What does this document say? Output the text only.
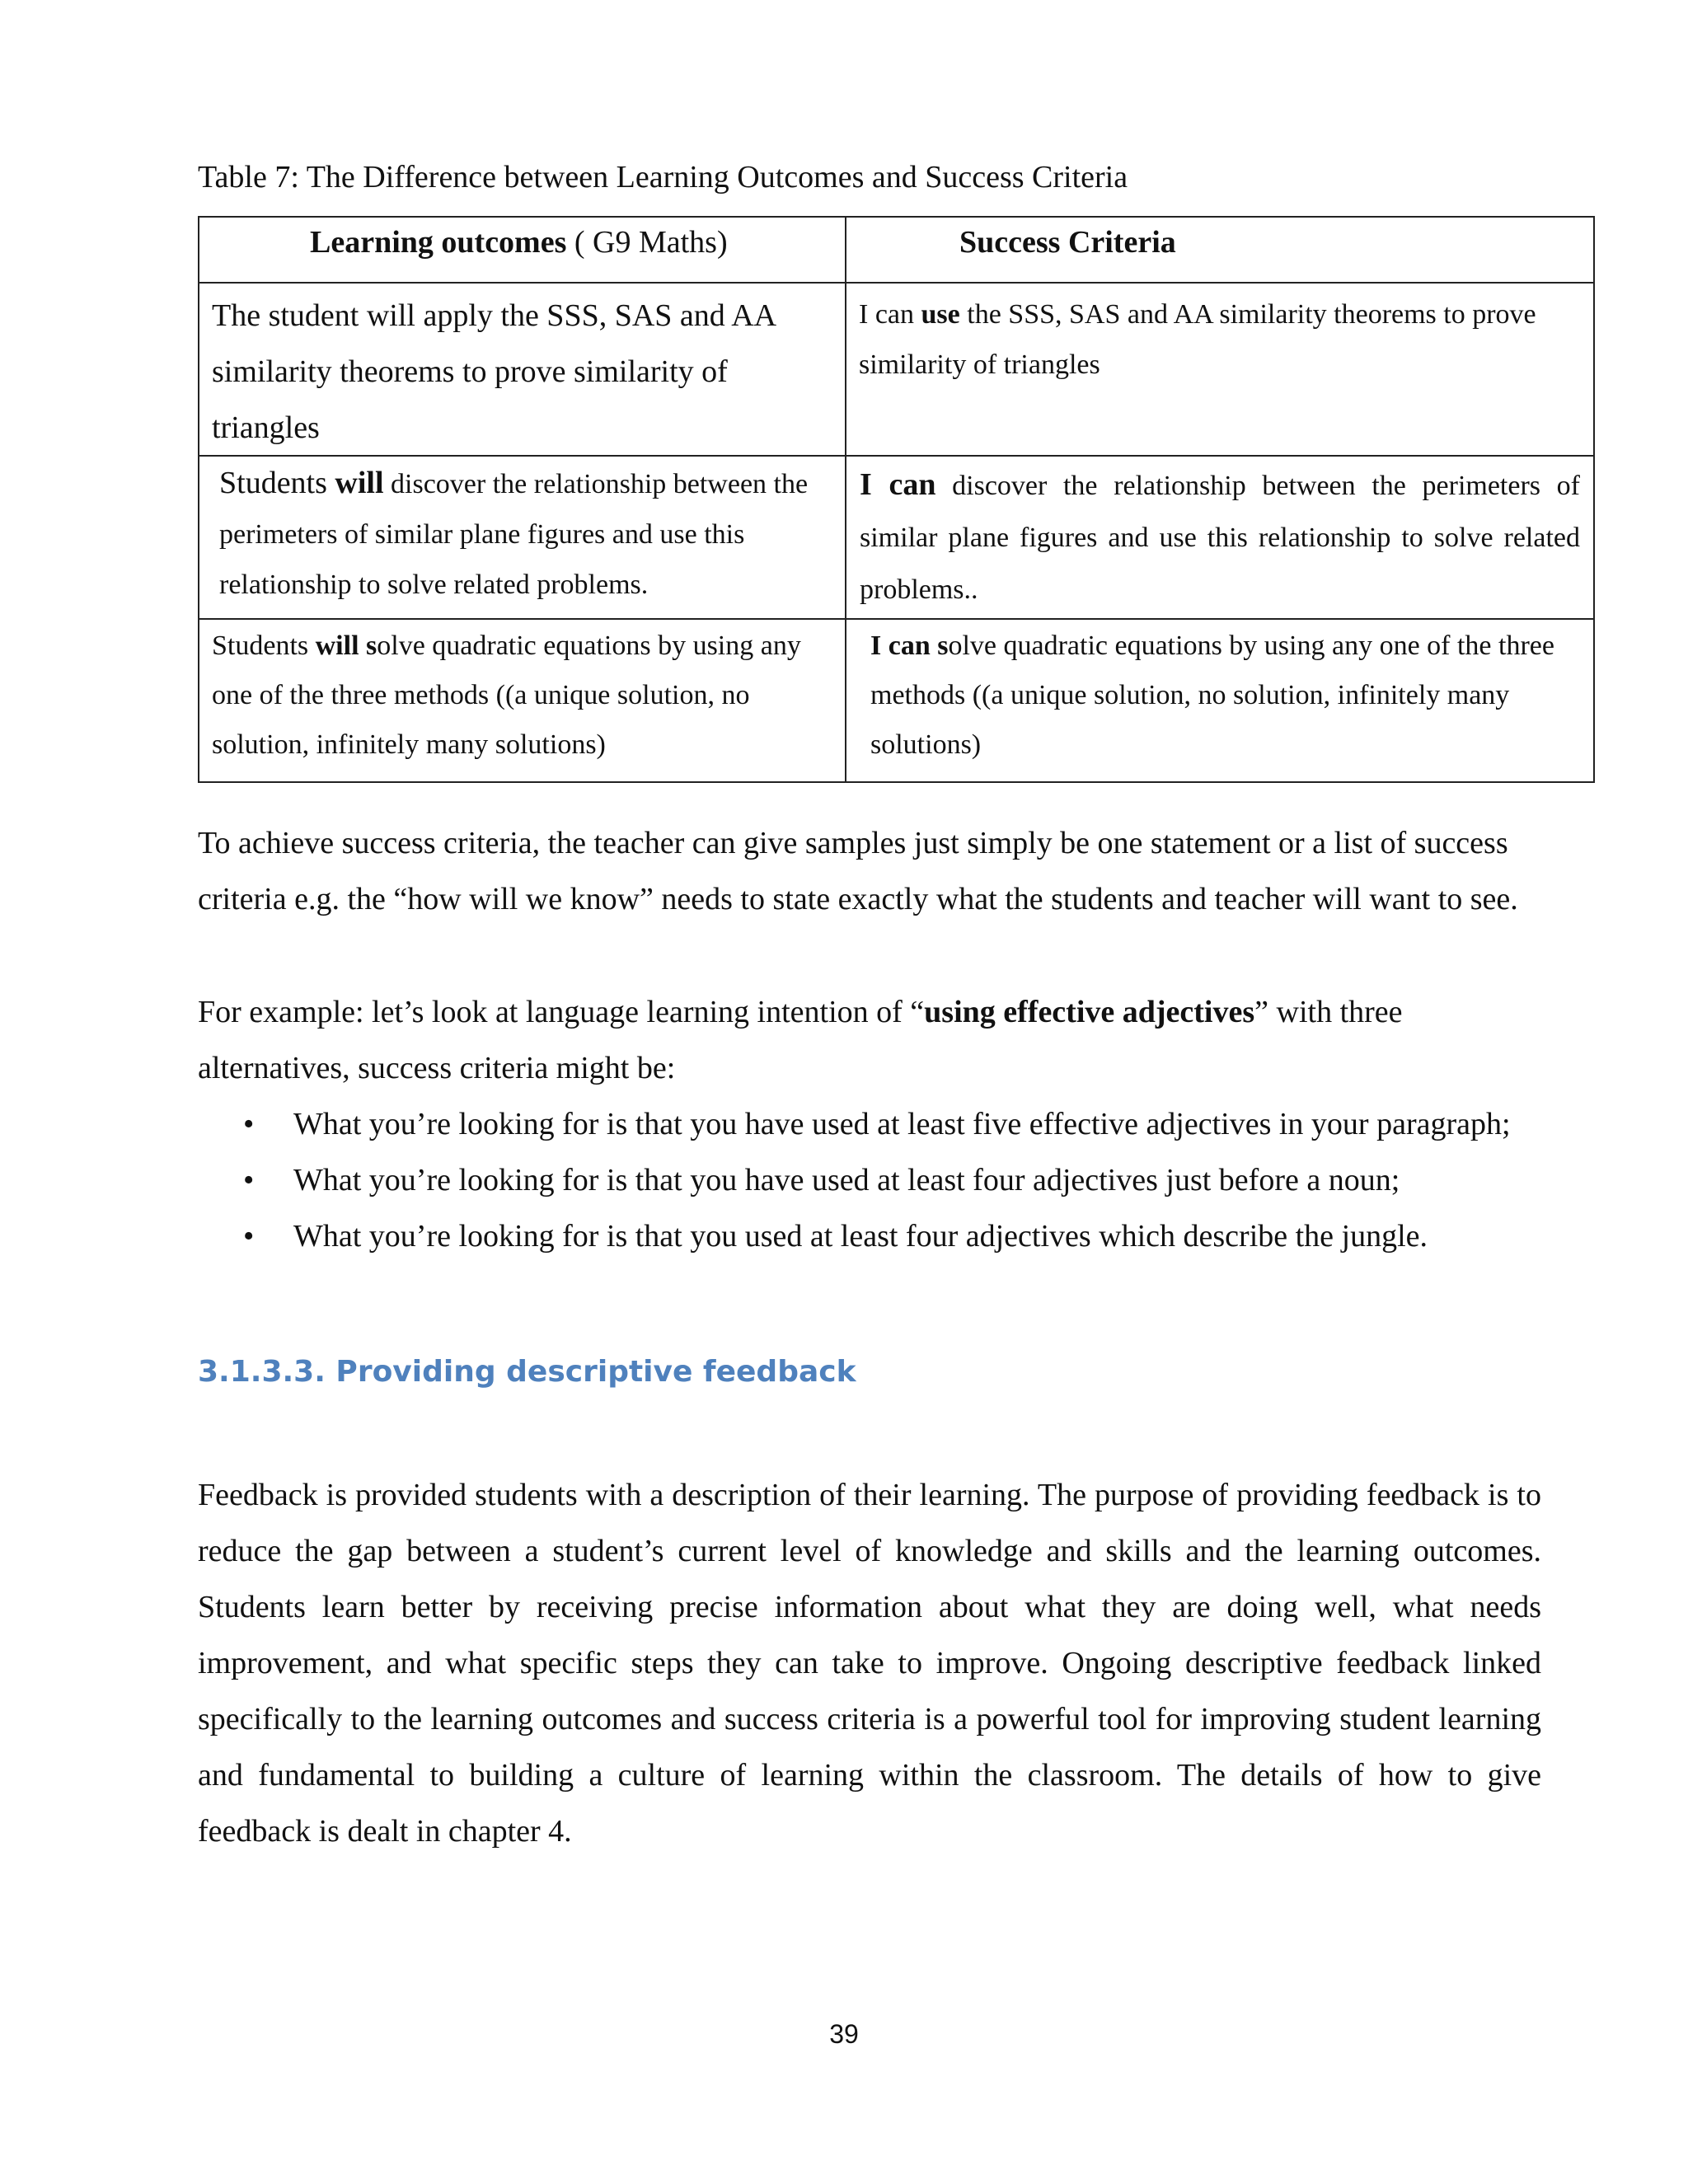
Table 7: The Difference between Learning Outcomes and Success Criteria
Learning outcomes ( G9 Maths)	Success Criteria

The student will apply the SSS, SAS and AA similarity theorems to prove similarity of triangles	I can use the SSS, SAS and AA similarity theorems to prove similarity of triangles

Students will discover the relationship between the perimeters of similar plane figures and use this relationship to solve related problems.	I can discover the relationship between the perimeters of similar plane figures and use this relationship to solve related problems..

Students will solve quadratic equations by using any one of the three methods ((a unique solution, no solution, infinitely many solutions)	I can solve quadratic equations by using any one of the three methods ((a unique solution, no solution, infinitely many solutions)
To achieve success criteria, the teacher can give samples just simply be one statement or a list of success criteria e.g. the “how will we know” needs to state exactly what the students and teacher will want to see.
For example: let’s look at language learning intention of “using effective adjectives” with three alternatives, success criteria might be:
• What you’re looking for is that you have used at least five effective adjectives in your paragraph;
• What you’re looking for is that you have used at least four adjectives just before a noun;
• What you’re looking for is that you used at least four adjectives which describe the jungle.
3.1.3.3. Providing descriptive feedback
Feedback is provided students with a description of their learning. The purpose of providing feedback is to reduce the gap between a student’s current level of knowledge and skills and the learning outcomes. Students learn better by receiving precise information about what they are doing well, what needs improvement, and what specific steps they can take to improve. Ongoing descriptive feedback linked specifically to the learning outcomes and success criteria is a powerful tool for improving student learning and fundamental to building a culture of learning within the classroom. The details of how to give feedback is dealt in chapter 4.
39
